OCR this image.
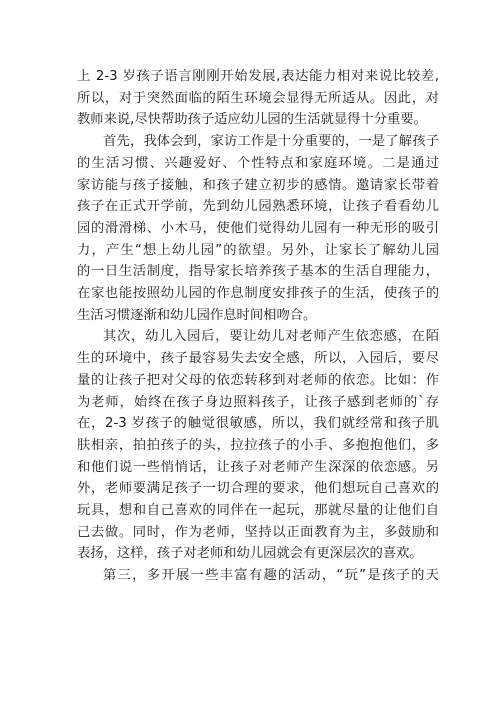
上 2-3 岁孩子语言刚刚开始发展,表达能力相对来说比较差,
所以，对于突然面临的陌生环境会显得无所适从。因此，对
教师来说,尽快帮助孩子适应幼儿园的生活就显得十分重要。
首先，我体会到，家访工作是十分重要的，一是了解孩子
的生活习惯、兴趣爱好、个性特点和家庭环境。二是通过
家访能与孩子接触，和孩子建立初步的感情。邀请家长带着
孩子在正式开学前，先到幼儿园熟悉环境，让孩子看看幼儿
园的滑滑梯、小木马，使他们觉得幼儿园有一种无形的吸引
力，产生“想上幼儿园”的欲望。另外，让家长了解幼儿园
的一日生活制度，指导家长培养孩子基本的生活自理能力，
在家也能按照幼儿园的作息制度安排孩子的生活，使孩子的
生活习惯逐渐和幼儿园作息时间相吻合。
其次，幼儿入园后，要让幼儿对老师产生依恋感，在陌
生的环境中，孩子最容易失去安全感，所以，入园后，要尽
量的让孩子把对父母的依恋转移到对老师的依恋。比如：作
为老师，始终在孩子身边照料孩子，让孩子感到老师的`存
在，2-3 岁孩子的触觉很敏感，所以，我们就经常和孩子肌
肤相亲，拍拍孩子的头，拉拉孩子的小手、多抱抱他们，多
和他们说一些悄悄话，让孩子对老师产生深深的依恋感。另
外，老师要满足孩子一切合理的要求，他们想玩自己喜欢的
玩具，想和自己喜欢的同伴在一起玩，那就尽量的让他们自
己去做。同时，作为老师，坚持以正面教育为主，多鼓励和
表扬，这样，孩子对老师和幼儿园就会有更深层次的喜欢。
第三，多开展一些丰富有趣的活动，“玩”是孩子的天
